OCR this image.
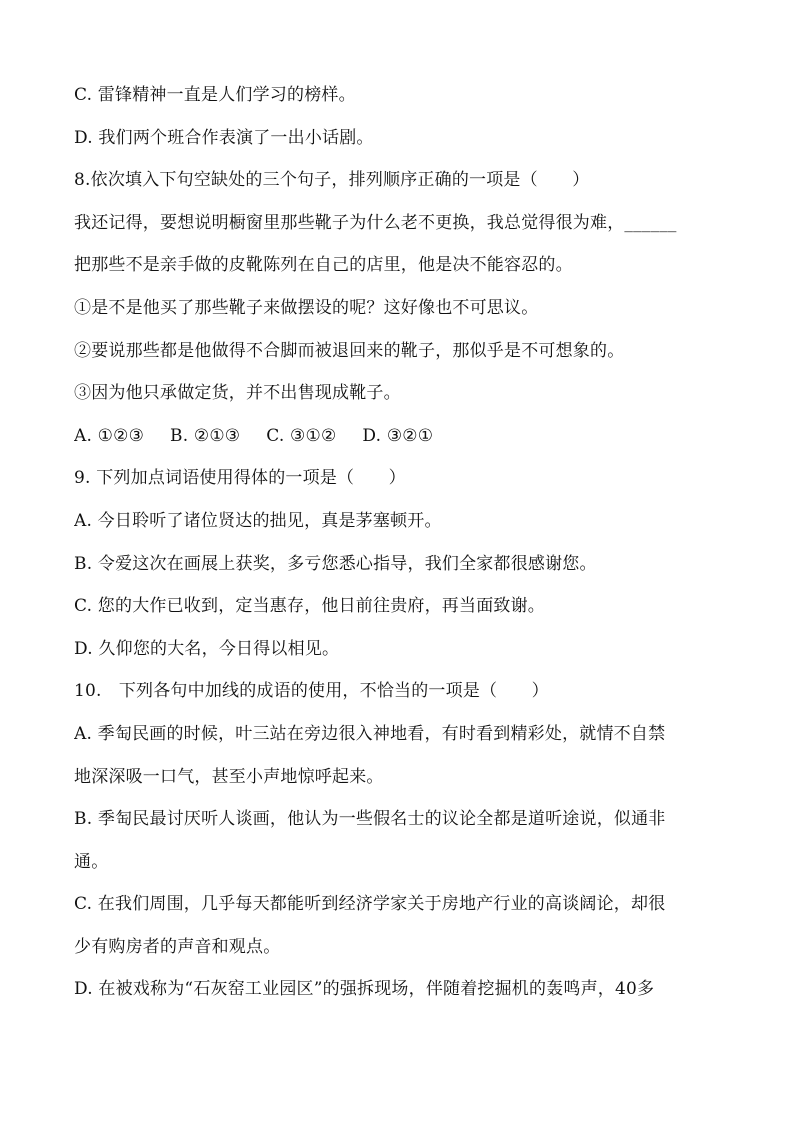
C. 雷锋精神一直是人们学习的榜样。
D. 我们两个班合作表演了一出小话剧。
8.依次填入下句空缺处的三个句子，排列顺序正确的一项是（　　）
我还记得，要想说明橱窗里那些靴子为什么老不更换，我总觉得很为难，______
把那些不是亲手做的皮靴陈列在自己的店里，他是决不能容忍的。
①是不是他买了那些靴子来做摆设的呢？这好像也不可思议。
②要说那些都是他做得不合脚而被退回来的靴子，那似乎是不可想象的。
③因为他只承做定货，并不出售现成靴子。
A. ①②③ B. ②①③ C. ③①② D. ③②①
9. 下列加点词语使用得体的一项是（　　）
A. 今日聆听了诸位贤达的拙见，真是茅塞顿开。
B. 令爱这次在画展上获奖，多亏您悉心指导，我们全家都很感谢您。
C. 您的大作已收到，定当惠存，他日前往贵府，再当面致谢。
D. 久仰您的大名，今日得以相见。
10.　下列各句中加线的成语的使用，不恰当的一项是（　　）
A. 季匋民画的时候，叶三站在旁边很入神地看，有时看到精彩处，就情不自禁
地深深吸一口气，甚至小声地惊呼起来。
B. 季匋民最讨厌听人谈画，他认为一些假名士的议论全都是道听途说，似通非
通。
C. 在我们周围，几乎每天都能听到经济学家关于房地产行业的高谈阔论，却很
少有购房者的声音和观点。
D. 在被戏称为“石灰窑工业园区”的强拆现场，伴随着挖掘机的轰鸣声，40多
